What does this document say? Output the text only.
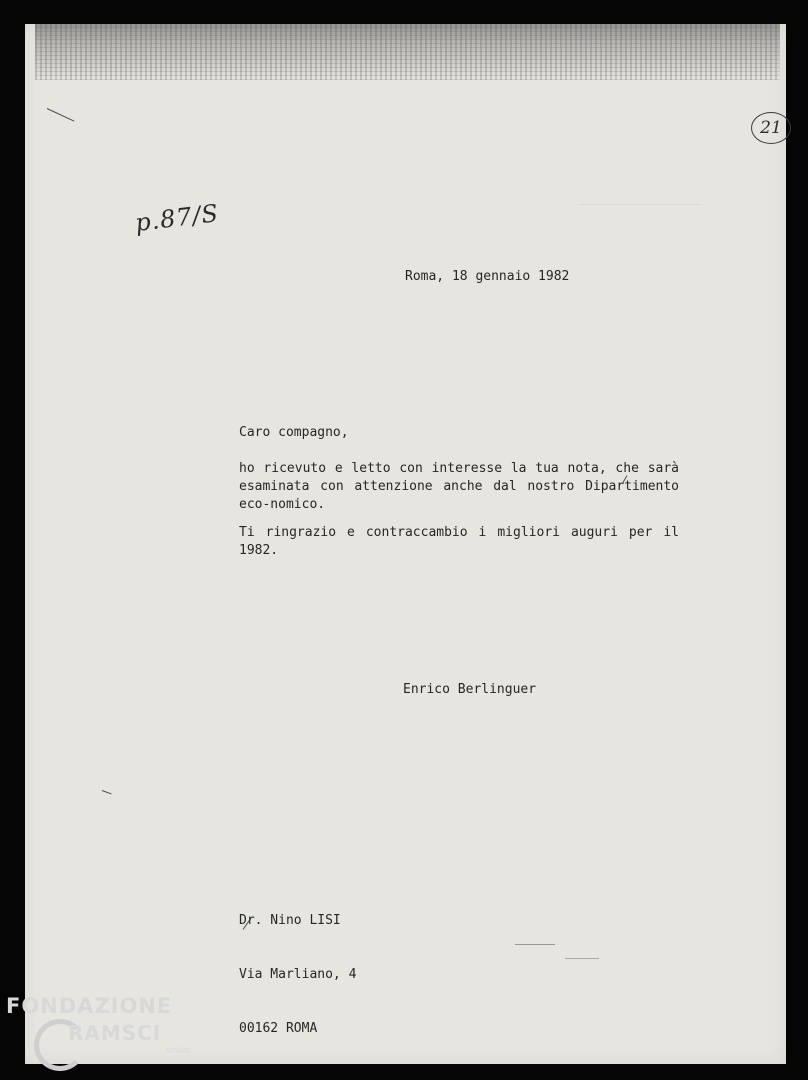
21
p.87/S
Roma, 18 gennaio 1982
Caro compagno,

ho ricevuto e letto con interesse la tua nota, che sarà esaminata con attenzione anche dal nostro Dipartimento eco-nomico.

Ti ringrazio e contraccambio i migliori auguri per il 1982.

Enrico Berlinguer

Dr. Nino LISI

Via Marliano, 4

00162 ROMA

FONDAZIONE
RAMSCI
onlus
